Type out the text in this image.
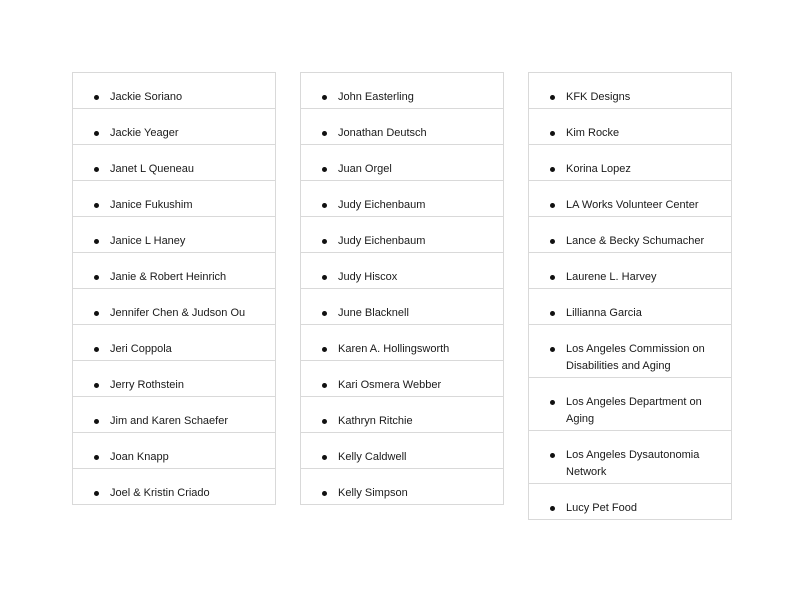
Jackie Soriano
Jackie Yeager
Janet L Queneau
Janice Fukushim
Janice L Haney
Janie & Robert Heinrich
Jennifer Chen & Judson Ou
Jeri Coppola
Jerry Rothstein
Jim and Karen Schaefer
Joan Knapp
Joel & Kristin Criado
John Easterling
Jonathan Deutsch
Juan Orgel
Judy Eichenbaum
Judy Eichenbaum
Judy Hiscox
June Blacknell
Karen A. Hollingsworth
Kari Osmera Webber
Kathryn Ritchie
Kelly Caldwell
Kelly Simpson
KFK Designs
Kim Rocke
Korina Lopez
LA Works Volunteer Center
Lance & Becky Schumacher
Laurene L. Harvey
Lillianna Garcia
Los Angeles Commission on Disabilities and Aging
Los Angeles Department on Aging
Los Angeles Dysautonomia Network
Lucy Pet Food
